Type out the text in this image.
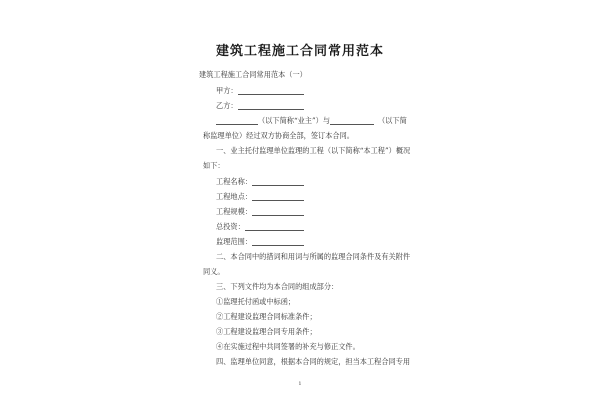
建筑工程施工合同常用范本
建筑工程施工合同常用范本（一）
甲方：
乙方：
（以下简称“业主”）与	（以下简
称监理单位）经过双方协商全部，签订本合同。
一、业主托付监理单位监理的工程（以下简称“本工程”）概况
如下：
工程名称：
工程地点：
工程规模：
总投资：
监理范围：
二、本合同中的措词和用词与所属的监理合同条件及有关附件
同义。
三、下列文件均为本合同的组成部分：
①监理托付函或中标函；
②工程建设监理合同标准条件；
③工程建设监理合同专用条件；
④在实施过程中共同签署的补充与修正文件。
四、监理单位同意，根据本合同的规定，担当本工程合同专用
1
